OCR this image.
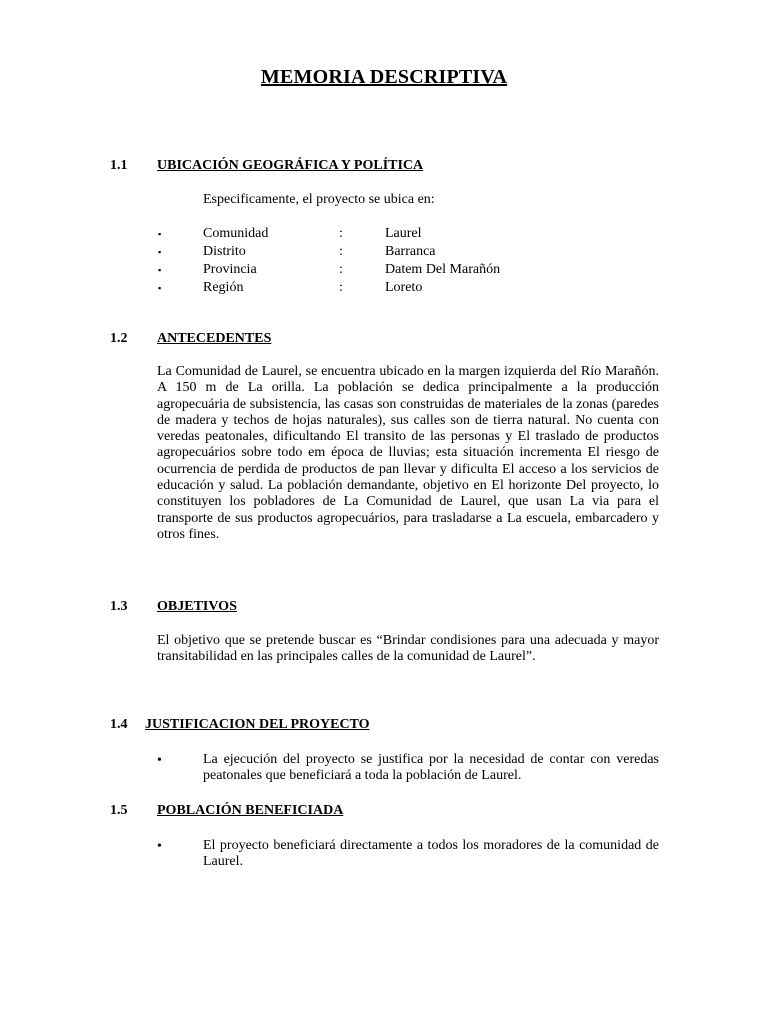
MEMORIA DESCRIPTIVA
1.1 UBICACIÓN GEOGRÁFICA Y POLÍTICA
Especificamente, el proyecto se ubica en:
▪	Comunidad	:	Laurel
▪	Distrito	:	Barranca
▪	Provincia	:	Datem Del Marañón
▪	Región	:	Loreto
1.2 ANTECEDENTES
La Comunidad de Laurel, se encuentra ubicado en la margen izquierda del Río Marañón. A 150 m de La orilla. La población se dedica principalmente a la producción agropecuária de subsistencia, las casas son construidas de materiales de la zonas (paredes de madera y techos de hojas naturales), sus calles son de tierra natural. No cuenta con veredas peatonales, dificultando El transito de las personas y El traslado de productos agropecuários sobre todo em época de lluvias; esta situación incrementa El riesgo de ocurrencia de perdida de productos de pan llevar y dificulta El acceso a los servicios de educación y salud. La población demandante, objetivo en El horizonte Del proyecto, lo constituyen los pobladores de La Comunidad de Laurel, que usan La via para el transporte de sus productos agropecuários, para trasladarse a La escuela, embarcadero y otros fines.
1.3 OBJETIVOS
El objetivo que se pretende buscar es “Brindar condisiones para una adecuada y mayor transitabilidad en las principales calles de la comunidad de Laurel”.
1.4 JUSTIFICACION DEL PROYECTO
•	La ejecución del proyecto se justifica por la necesidad de contar con veredas peatonales que beneficiará a toda la población de Laurel.
1.5 POBLACIÓN BENEFICIADA
•	El proyecto beneficiará directamente a todos los moradores de la comunidad de Laurel.
